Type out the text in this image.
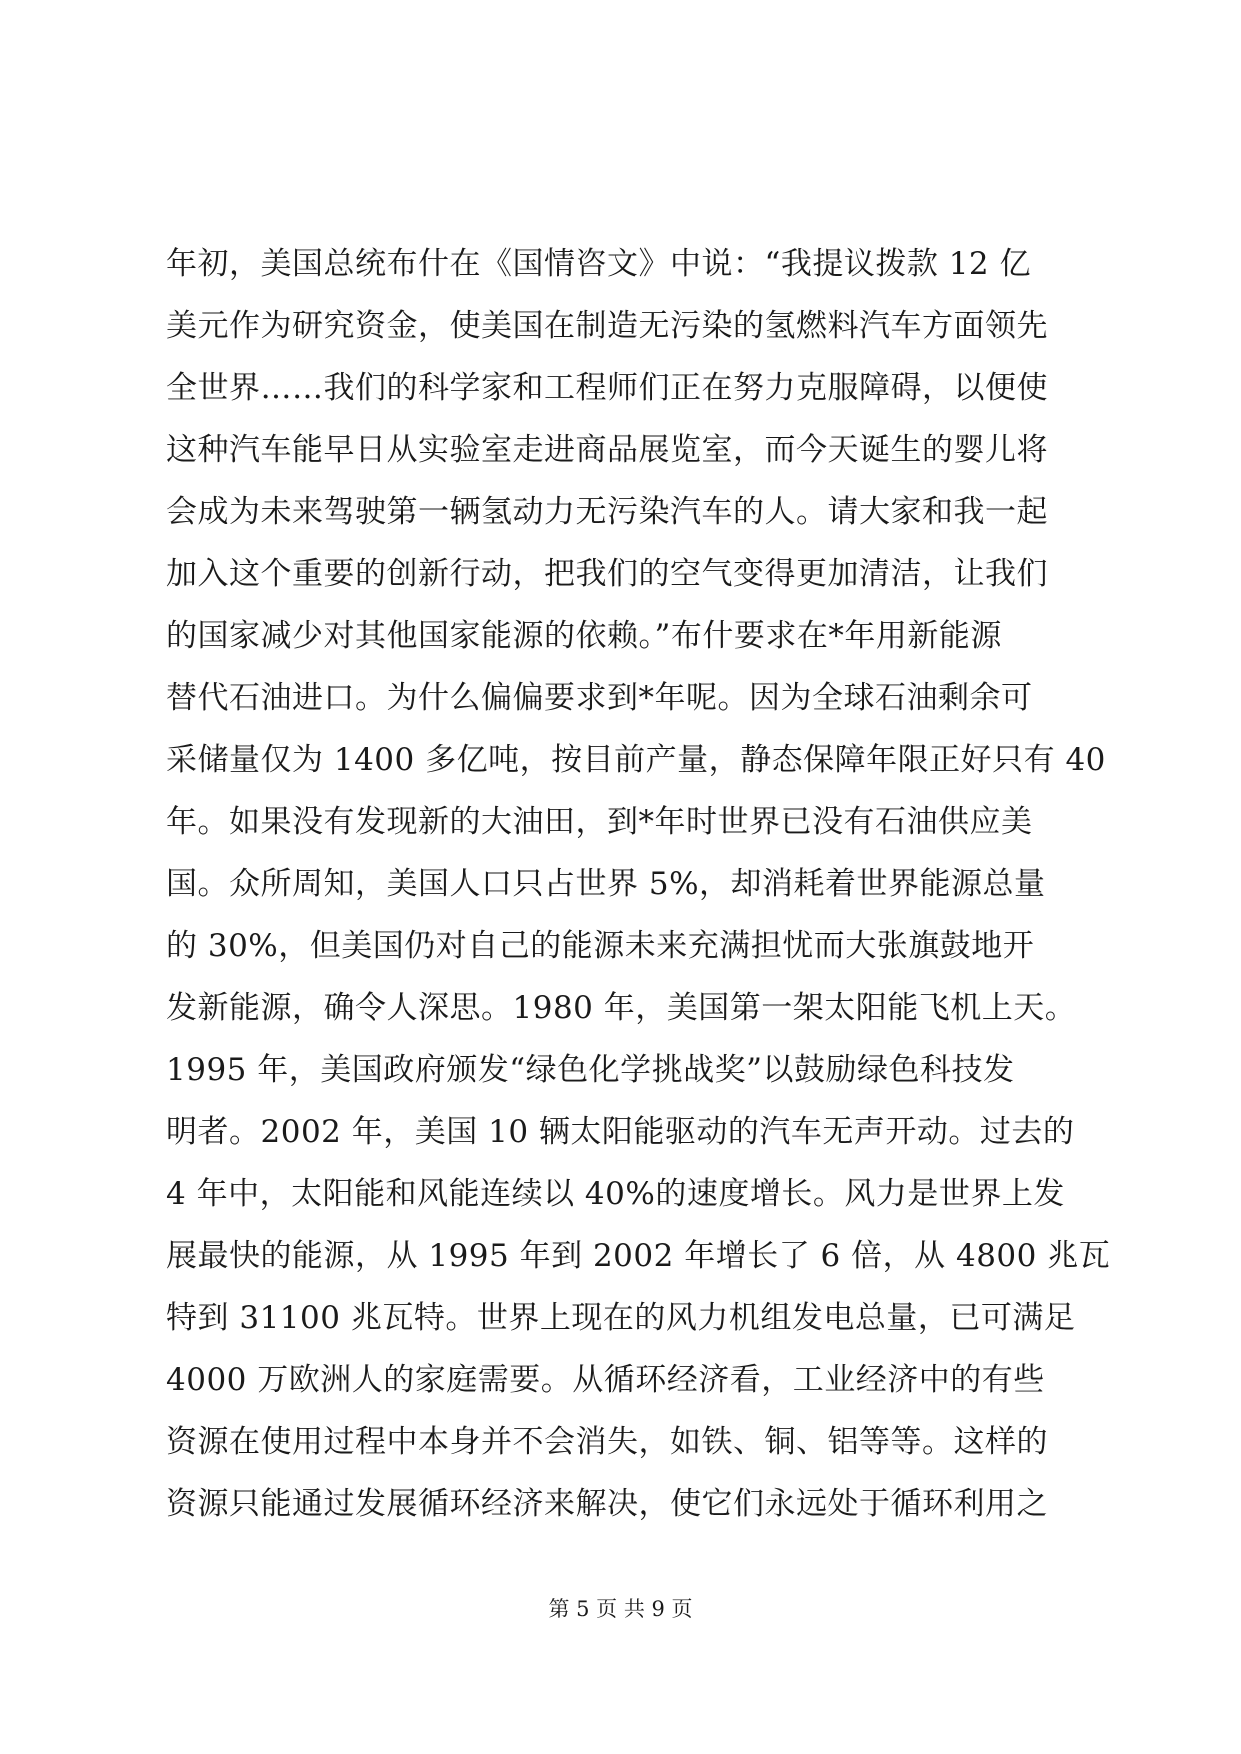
年初，美国总统布什在《国情咨文》中说：“我提议拨款 12 亿
美元作为研究资金，使美国在制造无污染的氢燃料汽车方面领先
全世界……我们的科学家和工程师们正在努力克服障碍，以便使
这种汽车能早日从实验室走进商品展览室，而今天诞生的婴儿将
会成为未来驾驶第一辆氢动力无污染汽车的人。请大家和我一起
加入这个重要的创新行动，把我们的空气变得更加清洁，让我们
的国家减少对其他国家能源的依赖。”布什要求在*年用新能源
替代石油进口。为什么偏偏要求到*年呢。因为全球石油剩余可
采储量仅为 1400 多亿吨，按目前产量，静态保障年限正好只有 40
年。如果没有发现新的大油田，到*年时世界已没有石油供应美
国。众所周知，美国人口只占世界 5%，却消耗着世界能源总量
的 30%，但美国仍对自己的能源未来充满担忧而大张旗鼓地开
发新能源，确令人深思。1980 年，美国第一架太阳能飞机上天。
1995 年，美国政府颁发“绿色化学挑战奖”以鼓励绿色科技发
明者。2002 年，美国 10 辆太阳能驱动的汽车无声开动。过去的
4 年中，太阳能和风能连续以 40%的速度增长。风力是世界上发
展最快的能源，从 1995 年到 2002 年增长了 6 倍，从 4800 兆瓦
特到 31100 兆瓦特。世界上现在的风力机组发电总量，已可满足
4000 万欧洲人的家庭需要。从循环经济看，工业经济中的有些
资源在使用过程中本身并不会消失，如铁、铜、铝等等。这样的
资源只能通过发展循环经济来解决，使它们永远处于循环利用之
第 5 页 共 9 页
